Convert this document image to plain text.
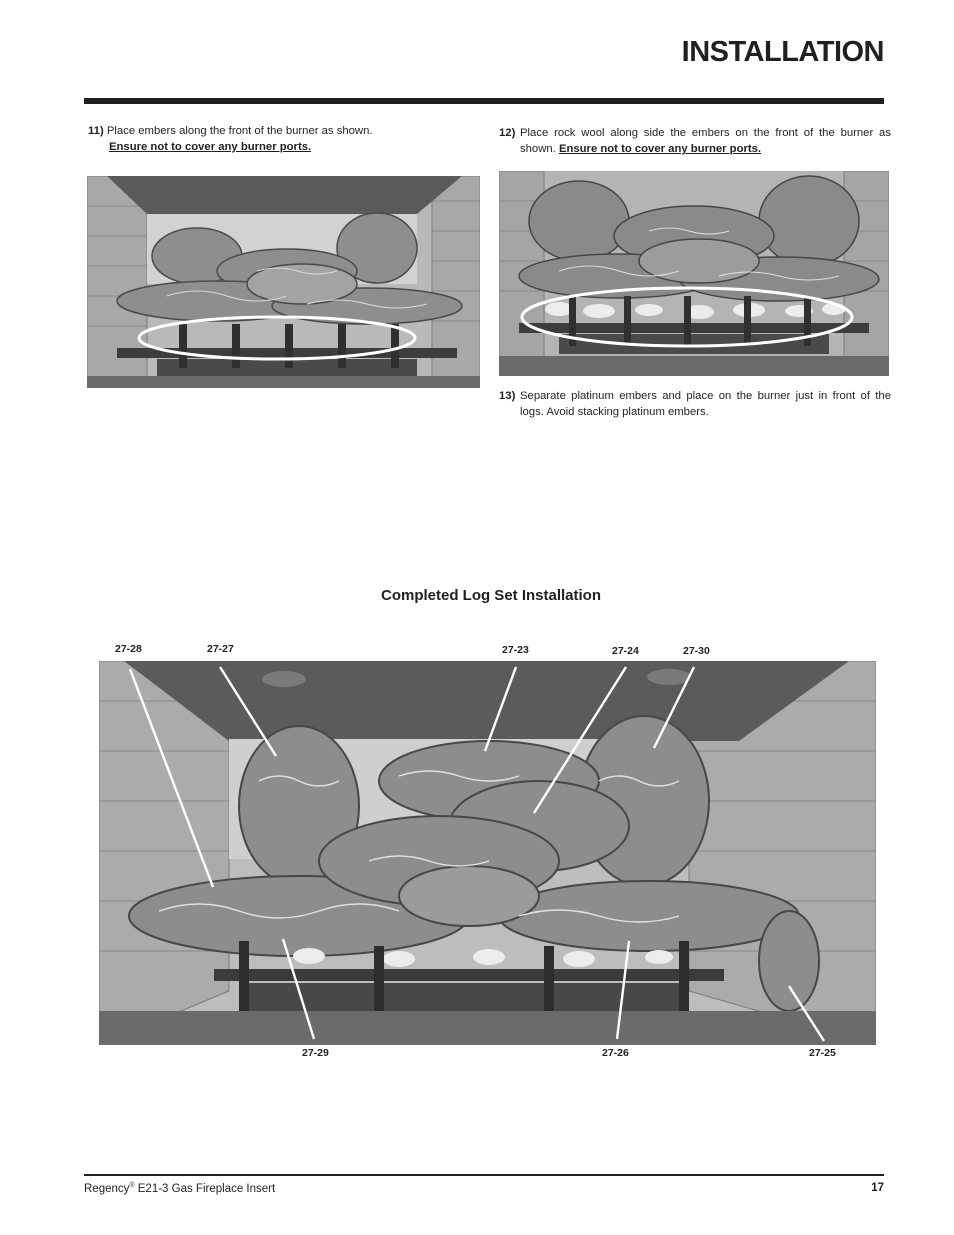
INSTALLATION
11) Place embers along the front of the burner as shown.
Ensure not to cover any burner ports.
12) Place rock wool along side the embers on the front of the burner as shown. Ensure not to cover any burner ports.
13) Separate platinum embers and place on the burner just in front of the logs. Avoid stacking platinum embers.
Completed Log Set Installation
27-28	27-27	27-23	27-24	27-30
27-29	27-26	27-25
Regency® E21-3 Gas Fireplace Insert	17
